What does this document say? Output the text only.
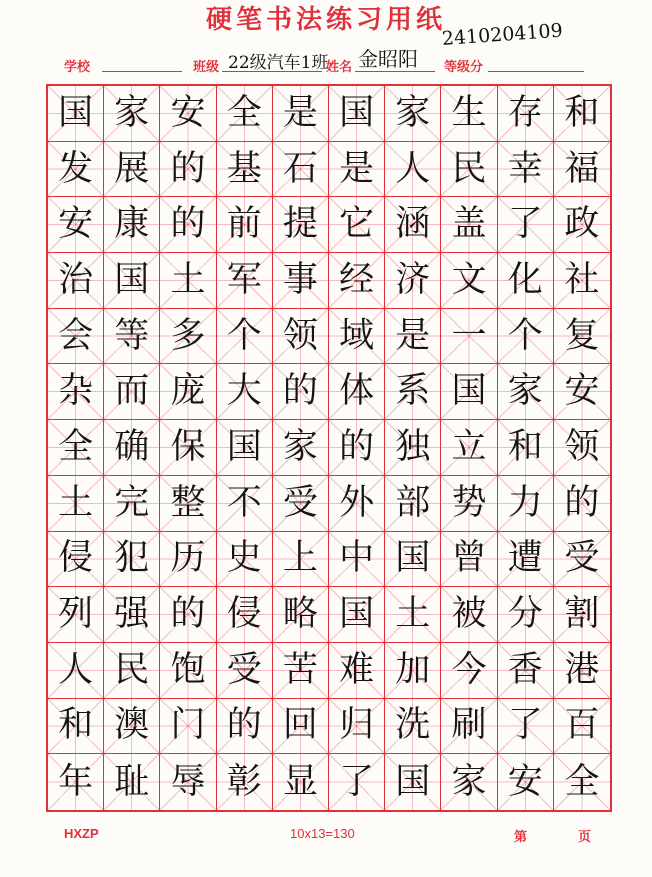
硬笔书法练习用纸
学校	班级 22级汽车1班
姓名 金昭阳 等级分
2410204109
国 家 安 全 是 国 家 生 存 和
发 展 的 基 石 是 人 民 幸 福
安 康 的 前 提 它 涵 盖 了 政
治 国 土 军 事 经 济 文 化 社
会 等 多 个 领 域 是 一 个 复
杂 而 庞 大 的 体 系 国 家 安
全 确 保 国 家 的 独 立 和 领
土 完 整 不 受 外 部 势 力 的
侵 犯 历 史 上 中 国 曾 遭 受
列 强 的 侵 略 国 土 被 分 割
人 民 饱 受 苦 难 加 今 香 港
和 澳 门 的 回 归 洗 刷 了 百
年 耻 辱 彰 显 了 国 家 安 全
HXZP	10x13=130	第	页
